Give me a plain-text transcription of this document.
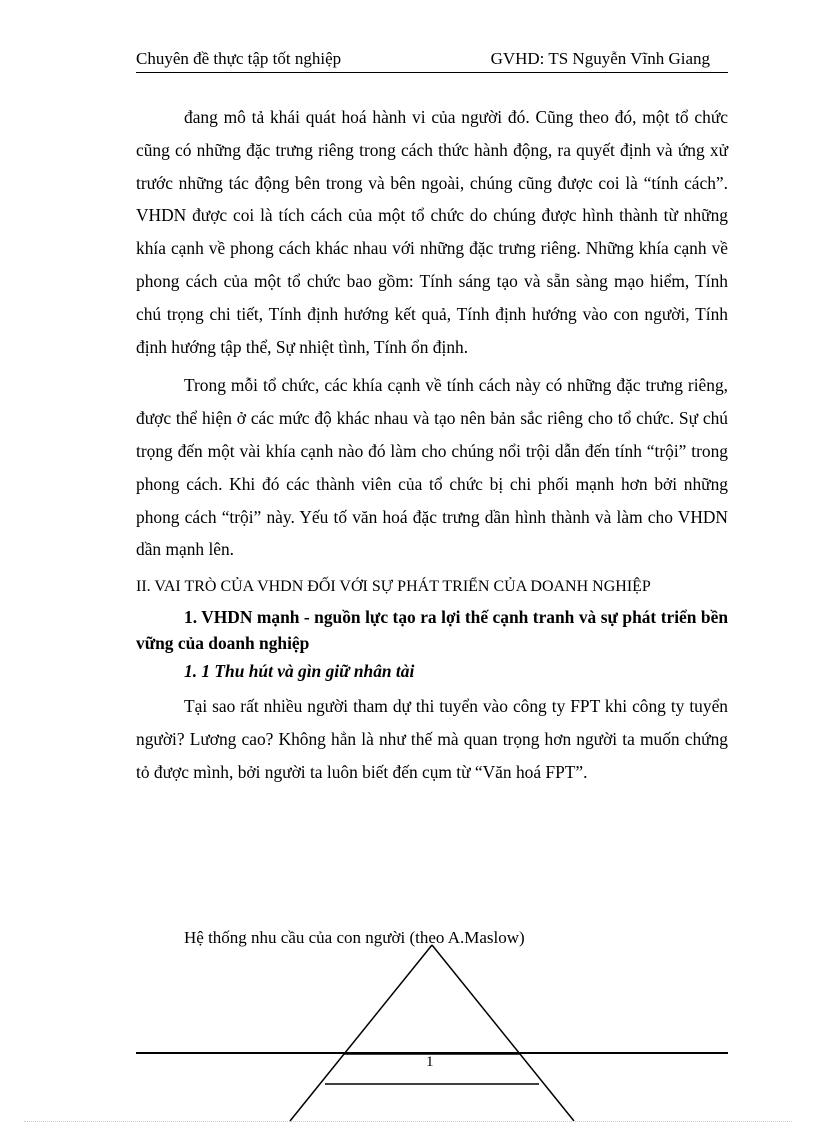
Chuyên đề thực tập tốt nghiệp	GVHD: TS Nguyễn Vĩnh Giang

đang mô tả khái quát hoá hành vi của người đó. Cũng theo đó, một tổ chức cũng có những đặc trưng riêng trong cách thức hành động, ra quyết định và ứng xử trước những tác động bên trong và bên ngoài, chúng cũng được coi là “tính cách”. VHDN được coi là tích cách của một tổ chức do chúng được hình thành từ những khía cạnh về phong cách khác nhau với những đặc trưng riêng. Những khía cạnh về phong cách của một tổ chức bao gồm: Tính sáng tạo và sẵn sàng mạo hiểm, Tính chú trọng chi tiết, Tính định hướng kết quả, Tính định hướng vào con người, Tính định hướng tập thể, Sự nhiệt tình, Tính ổn định.

Trong mỗi tổ chức, các khía cạnh về tính cách này có những đặc trưng riêng, được thể hiện ở các mức độ khác nhau và tạo nên bản sắc riêng cho tổ chức. Sự chú trọng đến một vài khía cạnh nào đó làm cho chúng nổi trội dẫn đến tính “trội” trong phong cách. Khi đó các thành viên của tổ chức bị chi phối mạnh hơn bởi những phong cách “trội” này. Yếu tố văn hoá đặc trưng dần hình thành và làm cho VHDN dần mạnh lên.

II. VAI TRÒ CỦA VHDN ĐỐI VỚI SỰ PHÁT TRIỂN CỦA DOANH NGHIỆP
1. VHDN mạnh - nguồn lực tạo ra lợi thế cạnh tranh và sự phát triển bền vững của doanh nghiệp
1. 1 Thu hút và gìn giữ nhân tài

Tại sao rất nhiều người tham dự thi tuyển vào công ty FPT khi công ty tuyển người? Lương cao? Không hẳn là như thế mà quan trọng hơn người ta muốn chứng tỏ được mình, bởi người ta luôn biết đến cụm từ “Văn hoá FPT”.

Hệ thống nhu cầu của con người (theo A.Maslow)
1
